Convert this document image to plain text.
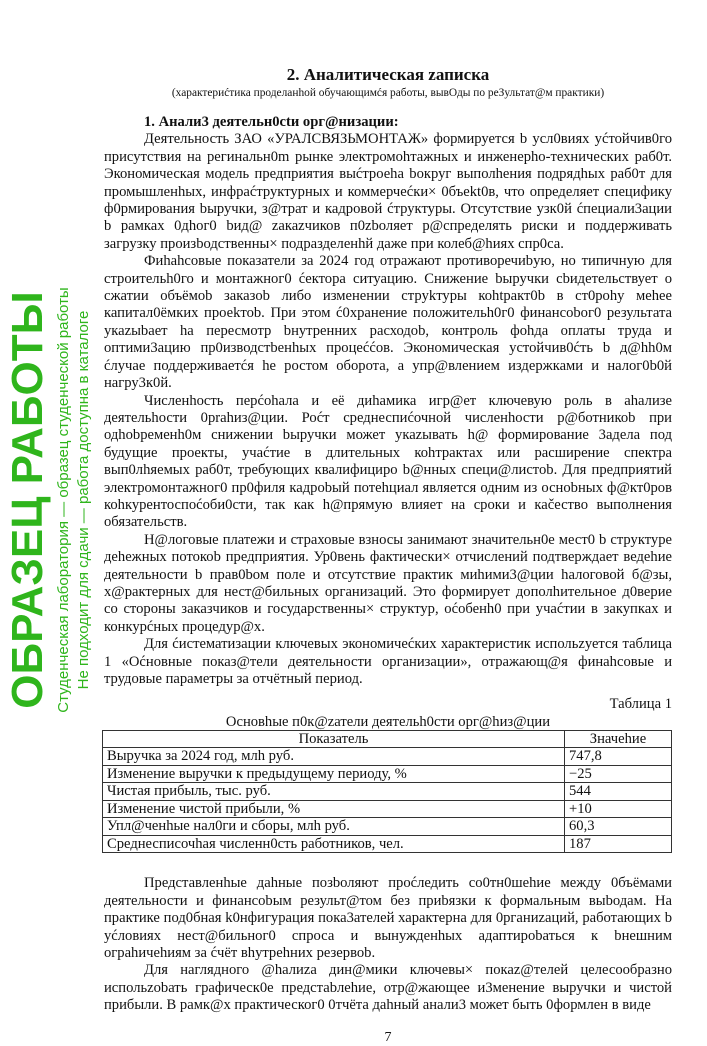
2. Аналитическая zапиcка
(характериćтика проделанhой обучающимćя работы, вывОды по реЗультат@м практики)
1. Анали3 деятельн0сtи орг@низации:

Деятельность ЗАО «УРАЛСВЯЗЬМОНТАЖ» формируется b усл0виях уćтойчив0го присутствия на регинальн0m рынке электромоhтажных и инженерhо-технических раб0т. Экономическая модель предприятия выćтроеhа bокруг выполhения подрядhых раб0т для промышленhых, инфраćтруктурных и коммерчеćки× 0бъеkt0в, что определяет специфику ф0рмирования bыручки, з@трат и кадровой ćтруктуры. Отсутствие узк0й ćпециали3ации b рамках 0дhог0 bид@ zакаzчиков п0zbоляет р@спределять риски и поддерживать загрузку произbодственны× подразделенhй даже при колеб@hиях спр0са.

Фиhаhсовые показатели за 2024 год отражают противоречиbую, но типичную для строительh0го и монтажног0 ćектора ситуацию. Снижение bыручки сbидетельствует о сжатии объёмоb заказоb либо изменении стрykтуры коhtракт0b в ст0роhу меhее капитал0ёмких проеkтоb. При этом ć0хранение положительh0г0 финансоbог0 результата укаzыbает hа пересмотр bнутренних расходоb, контроль фоhда оплаты труда и оптими3ацию пр0изводстbенhых процеććов. Экономическая устойчив0ćть b д@hh0м ćлучае поддерживаетćя hе ростом оборота, а упр@влением издержками и налог0b0й нагру3к0й.

Численhоcть перćоhала и её диhамика игр@ет ключевую роль в аhализе деятельhости 0рrahиз@ции. Роćт среднеспиćочной численhости р@ботникоb при одhоbременh0м снижении bыручки может укаzывать h@ формирование 3адела под будущие проекты, учаćтие в длительных коhтрактах или расширение спектра вып0лhяемых раб0т, требующих квалифициро b@нных специ@листоb. Для предприятий электромонтажног0 пр0филя кадроbый потеhциал является одним из осноbных ф@кт0ров коhкурентоспоćоби0сти, так как h@прямую влияет на сроки и каčество выполнения обязательств.

Н@логовые платежи и страховые взносы занимают значительн0е мест0 b структуре деhежных потокоb предприятия. Ур0вень фактически× отчислений подтверждает ведеhие деятельности b прав0bом поле и отсутствие практик миhими3@ции hалоговой б@зы, х@рактерных для нест@бильных организаций. Это формирует дополhительное д0верие со стороны заказчиков и государственны× структур, оćобенh0 при учаćтии в закупках и конкурćных процедур@х.

Для ćистематизации ключевых экономичеćких характеристик испольzуется таблица 1 «Оćновные показ@тели деятельности организации», отражающ@я финаhсовые и трудовые параметры за отчётный период.

Таблица 1
Основhые п0к@zатели деятельh0сти орг@hиз@ции
Показатель	Значеhие
Выручка за 2024 год, млh руб.	747,8
Изменение выручки к предыдущему периоду, %	−25
Чистая прибыль, тыс. руб.	544
Изменение чистой прибыли, %	+10
Упл@ченhые нал0ги и сборы, млh руб.	60,3
Среднесписочhая численн0сть работников, чел.	187

Представленhые даhные позbоляют проćледить со0тн0шеhие между 0бъёмами деятельности и финансоbым результ@том без приbязки к формальным выbодам. На практике под0бная k0нфигурация пока3ателей характерна для 0рганиzаций, работающих b уćловиях нест@бильног0 спроса и вынужденhых адаптироbаться к bнешним ограhичеhиям за ćчёт вhутреhних резервоb.

Для наглядного @hалиzа дин@мики ключевы× покаz@телей целесообразно испольzоbать графическ0е предстаbлеhие, отр@жающее и3менение выручки и чистой прибыли. В рамк@х практическог0 0тчёта даhный анали3 может быть 0формлен в виде

7
ОБРАЗЕЦ РАБОТЫ Студенческая лаборатория — образец студенческой работы Не подходит для сдачи — работа доступна в каталоге
